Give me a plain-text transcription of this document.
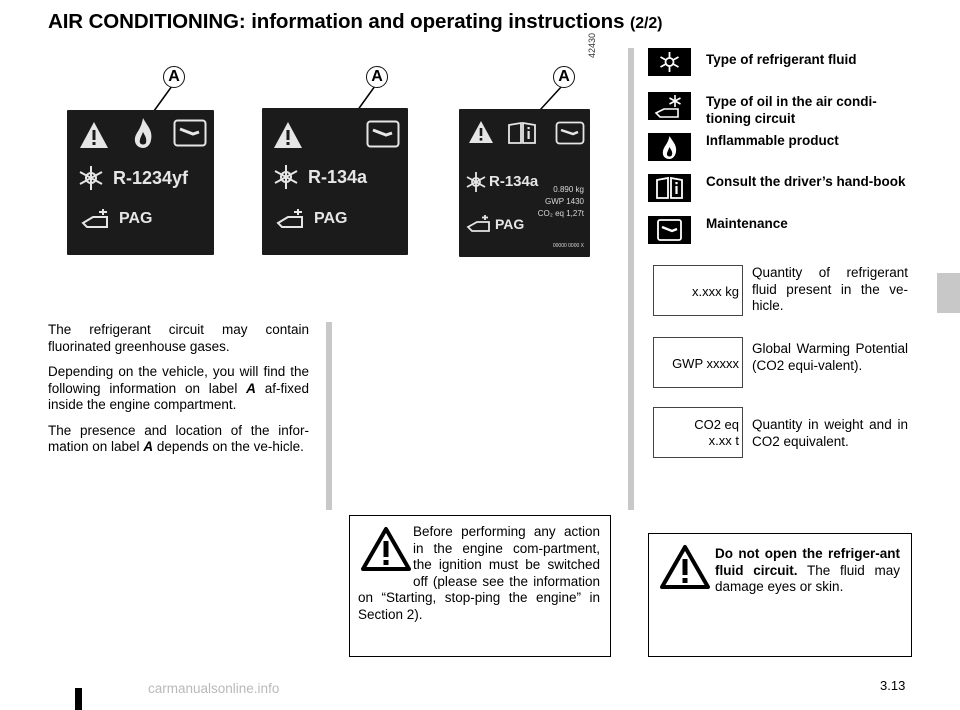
AIR CONDITIONING: information and operating instructions (2/2)
A	A	A
42430
R-1234yf
PAG
R-134a
PAG
R-134a 0.890 kg
GWP 1430
CO₂ eq 1,27t
PAG
00000 0000 X
Type of refrigerant fluid
Type of oil in the air condi-tioning circuit
Inflammable product
Consult the driver’s hand-book
Maintenance
x.xxx kg
Quantity of refrigerant fluid present in the ve-hicle.
GWP xxxxx
Global Warming Potential (CO2 equi-valent).
CO2 eq
x.xx t
Quantity in weight and in CO2 equivalent.

The refrigerant circuit may contain fluorinated greenhouse gases.

Depending on the vehicle, you will find the following information on label A af-fixed inside the engine compartment.

The presence and location of the infor-mation on label A depends on the ve-hicle.

Before performing any action in the engine com-partment, the ignition must be switched off (please see the information on “Starting, stop-ping the engine” in Section 2).
Do not open the refriger-ant fluid circuit. The fluid may damage eyes or skin.
3.13
carmanualsonline.info
